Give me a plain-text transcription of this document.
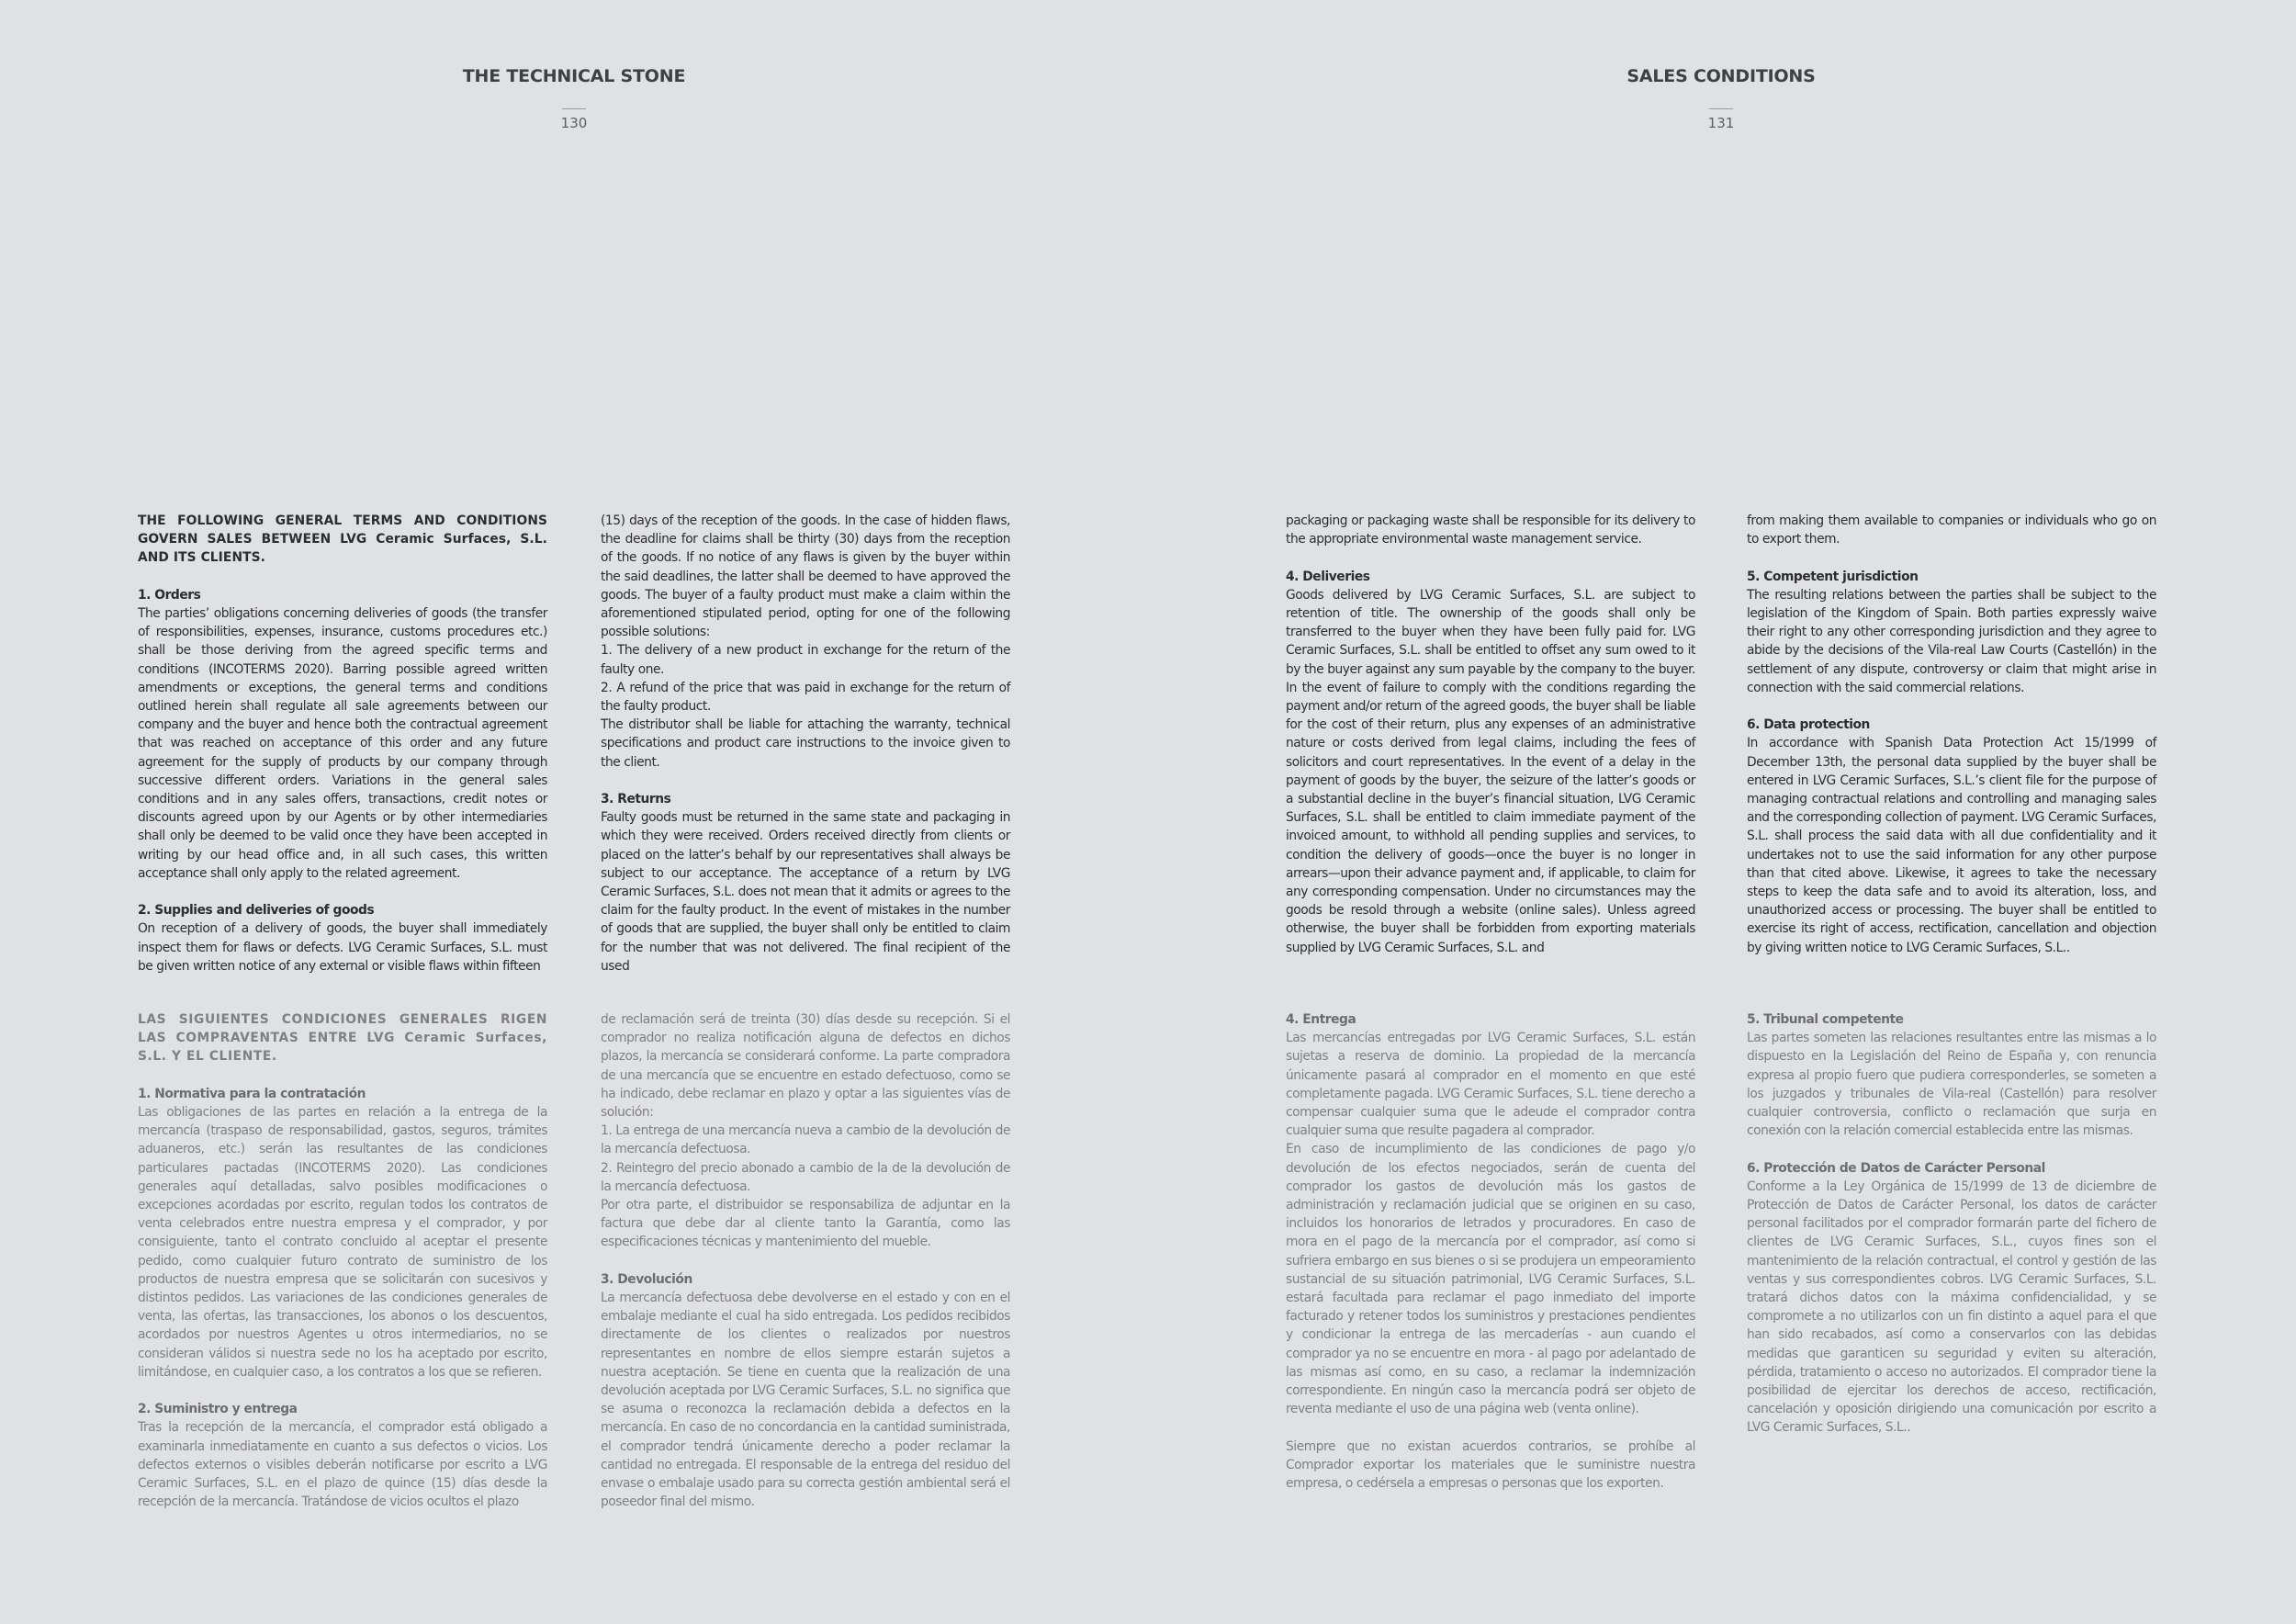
THE TECHNICAL STONE
130

THE FOLLOWING GENERAL TERMS AND CONDITIONS GOVERN SALES BETWEEN LVG Ceramic Surfaces, S.L. AND ITS CLIENTS.

1. Orders

The parties’ obligations concerning deliveries of goods (the transfer of responsibilities, expenses, insurance, customs procedures etc.) shall be those deriving from the agreed specific terms and conditions (INCOTERMS 2020). Barring possible agreed written amendments or exceptions, the general terms and conditions outlined herein shall regulate all sale agreements between our company and the buyer and hence both the contractual agreement that was reached on acceptance of this order and any future agreement for the supply of products by our company through successive different orders. Variations in the general sales conditions and in any sales offers, transactions, credit notes or discounts agreed upon by our Agents or by other intermediaries shall only be deemed to be valid once they have been accepted in writing by our head office and, in all such cases, this written acceptance shall only apply to the related agreement.

2. Supplies and deliveries of goods

On reception of a delivery of goods, the buyer shall immediately inspect them for flaws or defects. LVG Ceramic Surfaces, S.L. must be given written notice of any external or visible flaws within fifteen

(15) days of the reception of the goods. In the case of hidden flaws, the deadline for claims shall be thirty (30) days from the reception of the goods. If no notice of any flaws is given by the buyer within the said deadlines, the latter shall be deemed to have approved the goods. The buyer of a faulty product must make a claim within the aforementioned stipulated period, opting for one of the following possible solutions:

1. The delivery of a new product in exchange for the return of the faulty one.

2. A refund of the price that was paid in exchange for the return of the faulty product.

The distributor shall be liable for attaching the warranty, technical specifications and product care instructions to the invoice given to the client.

3. Returns

Faulty goods must be returned in the same state and packaging in which they were received. Orders received directly from clients or placed on the latter’s behalf by our representatives shall always be subject to our acceptance. The acceptance of a return by LVG Ceramic Surfaces, S.L. does not mean that it admits or agrees to the claim for the faulty product. In the event of mistakes in the number of goods that are supplied, the buyer shall only be entitled to claim for the number that was not delivered. The final recipient of the used

LAS SIGUIENTES CONDICIONES GENERALES RIGEN LAS COMPRAVENTAS ENTRE LVG Ceramic Surfaces, S.L. Y EL CLIENTE.

1. Normativa para la contratación

Las obligaciones de las partes en relación a la entrega de la mercancía (traspaso de responsabilidad, gastos, seguros, trámites aduaneros, etc.) serán las resultantes de las condiciones particulares pactadas (INCOTERMS 2020). Las condiciones generales aquí detalladas, salvo posibles modificaciones o excepciones acordadas por escrito, regulan todos los contratos de venta celebrados entre nuestra empresa y el comprador, y por consiguiente, tanto el contrato concluido al aceptar el presente pedido, como cualquier futuro contrato de suministro de los productos de nuestra empresa que se solicitarán con sucesivos y distintos pedidos. Las variaciones de las condiciones generales de venta, las ofertas, las transacciones, los abonos o los descuentos, acordados por nuestros Agentes u otros intermediarios, no se consideran válidos si nuestra sede no los ha aceptado por escrito, limitándose, en cualquier caso, a los contratos a los que se refieren.

2. Suministro y entrega

Tras la recepción de la mercancía, el comprador está obligado a examinarla inmediatamente en cuanto a sus defectos o vicios. Los defectos externos o visibles deberán notificarse por escrito a LVG Ceramic Surfaces, S.L. en el plazo de quince (15) días desde la recepción de la mercancía. Tratándose de vicios ocultos el plazo

de reclamación será de treinta (30) días desde su recepción. Si el comprador no realiza notificación alguna de defectos en dichos plazos, la mercancía se considerará conforme. La parte compradora de una mercancía que se encuentre en estado defectuoso, como se ha indicado, debe reclamar en plazo y optar a las siguientes vías de solución:

1. La entrega de una mercancía nueva a cambio de la devolución de la mercancía defectuosa.

2. Reintegro del precio abonado a cambio de la de la devolución de la mercancía defectuosa.

Por otra parte, el distribuidor se responsabiliza de adjuntar en la factura que debe dar al cliente tanto la Garantía, como las especificaciones técnicas y mantenimiento del mueble.

3. Devolución

La mercancía defectuosa debe devolverse en el estado y con en el embalaje mediante el cual ha sido entregada. Los pedidos recibidos directamente de los clientes o realizados por nuestros representantes en nombre de ellos siempre estarán sujetos a nuestra aceptación. Se tiene en cuenta que la realización de una devolución aceptada por LVG Ceramic Surfaces, S.L. no significa que se asuma o reconozca la reclamación debida a defectos en la mercancía. En caso de no concordancia en la cantidad suministrada, el comprador tendrá únicamente derecho a poder reclamar la cantidad no entregada. El responsable de la entrega del residuo del envase o embalaje usado para su correcta gestión ambiental será el poseedor final del mismo.

SALES CONDITIONS
131

packaging or packaging waste shall be responsible for its delivery to the appropriate environmental waste management service.

4. Deliveries

Goods delivered by LVG Ceramic Surfaces, S.L. are subject to retention of title. The ownership of the goods shall only be transferred to the buyer when they have been fully paid for. LVG Ceramic Surfaces, S.L. shall be entitled to offset any sum owed to it by the buyer against any sum payable by the company to the buyer. In the event of failure to comply with the conditions regarding the payment and/or return of the agreed goods, the buyer shall be liable for the cost of their return, plus any expenses of an administrative nature or costs derived from legal claims, including the fees of solicitors and court representatives. In the event of a delay in the payment of goods by the buyer, the seizure of the latter’s goods or a substantial decline in the buyer’s financial situation, LVG Ceramic Surfaces, S.L. shall be entitled to claim immediate payment of the invoiced amount, to withhold all pending supplies and services, to condition the delivery of goods—once the buyer is no longer in arrears—upon their advance payment and, if applicable, to claim for any corresponding compensation. Under no circumstances may the goods be resold through a website (online sales). Unless agreed otherwise, the buyer shall be forbidden from exporting materials supplied by LVG Ceramic Surfaces, S.L. and

from making them available to companies or individuals who go on to export them.

5. Competent jurisdiction

The resulting relations between the parties shall be subject to the legislation of the Kingdom of Spain. Both parties expressly waive their right to any other corresponding jurisdiction and they agree to abide by the decisions of the Vila-real Law Courts (Castellón) in the settlement of any dispute, controversy or claim that might arise in connection with the said commercial relations.

6. Data protection

In accordance with Spanish Data Protection Act 15/1999 of December 13th, the personal data supplied by the buyer shall be entered in LVG Ceramic Surfaces, S.L.’s client file for the purpose of managing contractual relations and controlling and managing sales and the corresponding collection of payment. LVG Ceramic Surfaces, S.L. shall process the said data with all due confidentiality and it undertakes not to use the said information for any other purpose than that cited above. Likewise, it agrees to take the necessary steps to keep the data safe and to avoid its alteration, loss, and unauthorized access or processing. The buyer shall be entitled to exercise its right of access, rectification, cancellation and objection by giving written notice to LVG Ceramic Surfaces, S.L..

4. Entrega

Las mercancías entregadas por LVG Ceramic Surfaces, S.L. están sujetas a reserva de dominio. La propiedad de la mercancía únicamente pasará al comprador en el momento en que esté completamente pagada. LVG Ceramic Surfaces, S.L. tiene derecho a compensar cualquier suma que le adeude el comprador contra cualquier suma que resulte pagadera al comprador.

En caso de incumplimiento de las condiciones de pago y/o devolución de los efectos negociados, serán de cuenta del comprador los gastos de devolución más los gastos de administración y reclamación judicial que se originen en su caso, incluidos los honorarios de letrados y procuradores. En caso de mora en el pago de la mercancía por el comprador, así como si sufriera embargo en sus bienes o si se produjera un empeoramiento sustancial de su situación patrimonial, LVG Ceramic Surfaces, S.L. estará facultada para reclamar el pago inmediato del importe facturado y retener todos los suministros y prestaciones pendientes y condicionar la entrega de las mercaderías - aun cuando el comprador ya no se encuentre en mora - al pago por adelantado de las mismas así como, en su caso, a reclamar la indemnización correspondiente. En ningún caso la mercancía podrá ser objeto de reventa mediante el uso de una página web (venta online).

Siempre que no existan acuerdos contrarios, se prohíbe al Comprador exportar los materiales que le suministre nuestra empresa, o cedérsela a empresas o personas que los exporten.

5. Tribunal competente

Las partes someten las relaciones resultantes entre las mismas a lo dispuesto en la Legislación del Reino de España y, con renuncia expresa al propio fuero que pudiera corresponderles, se someten a los juzgados y tribunales de Vila-real (Castellón) para resolver cualquier controversia, conflicto o reclamación que surja en conexión con la relación comercial establecida entre las mismas.

6. Protección de Datos de Carácter Personal

Conforme a la Ley Orgánica de 15/1999 de 13 de diciembre de Protección de Datos de Carácter Personal, los datos de carácter personal facilitados por el comprador formarán parte del fichero de clientes de LVG Ceramic Surfaces, S.L., cuyos fines son el mantenimiento de la relación contractual, el control y gestión de las ventas y sus correspondientes cobros. LVG Ceramic Surfaces, S.L. tratará dichos datos con la máxima confidencialidad, y se compromete a no utilizarlos con un fin distinto a aquel para el que han sido recabados, así como a conservarlos con las debidas medidas que garanticen su seguridad y eviten su alteración, pérdida, tratamiento o acceso no autorizados. El comprador tiene la posibilidad de ejercitar los derechos de acceso, rectificación, cancelación y oposición dirigiendo una comunicación por escrito a LVG Ceramic Surfaces, S.L..
